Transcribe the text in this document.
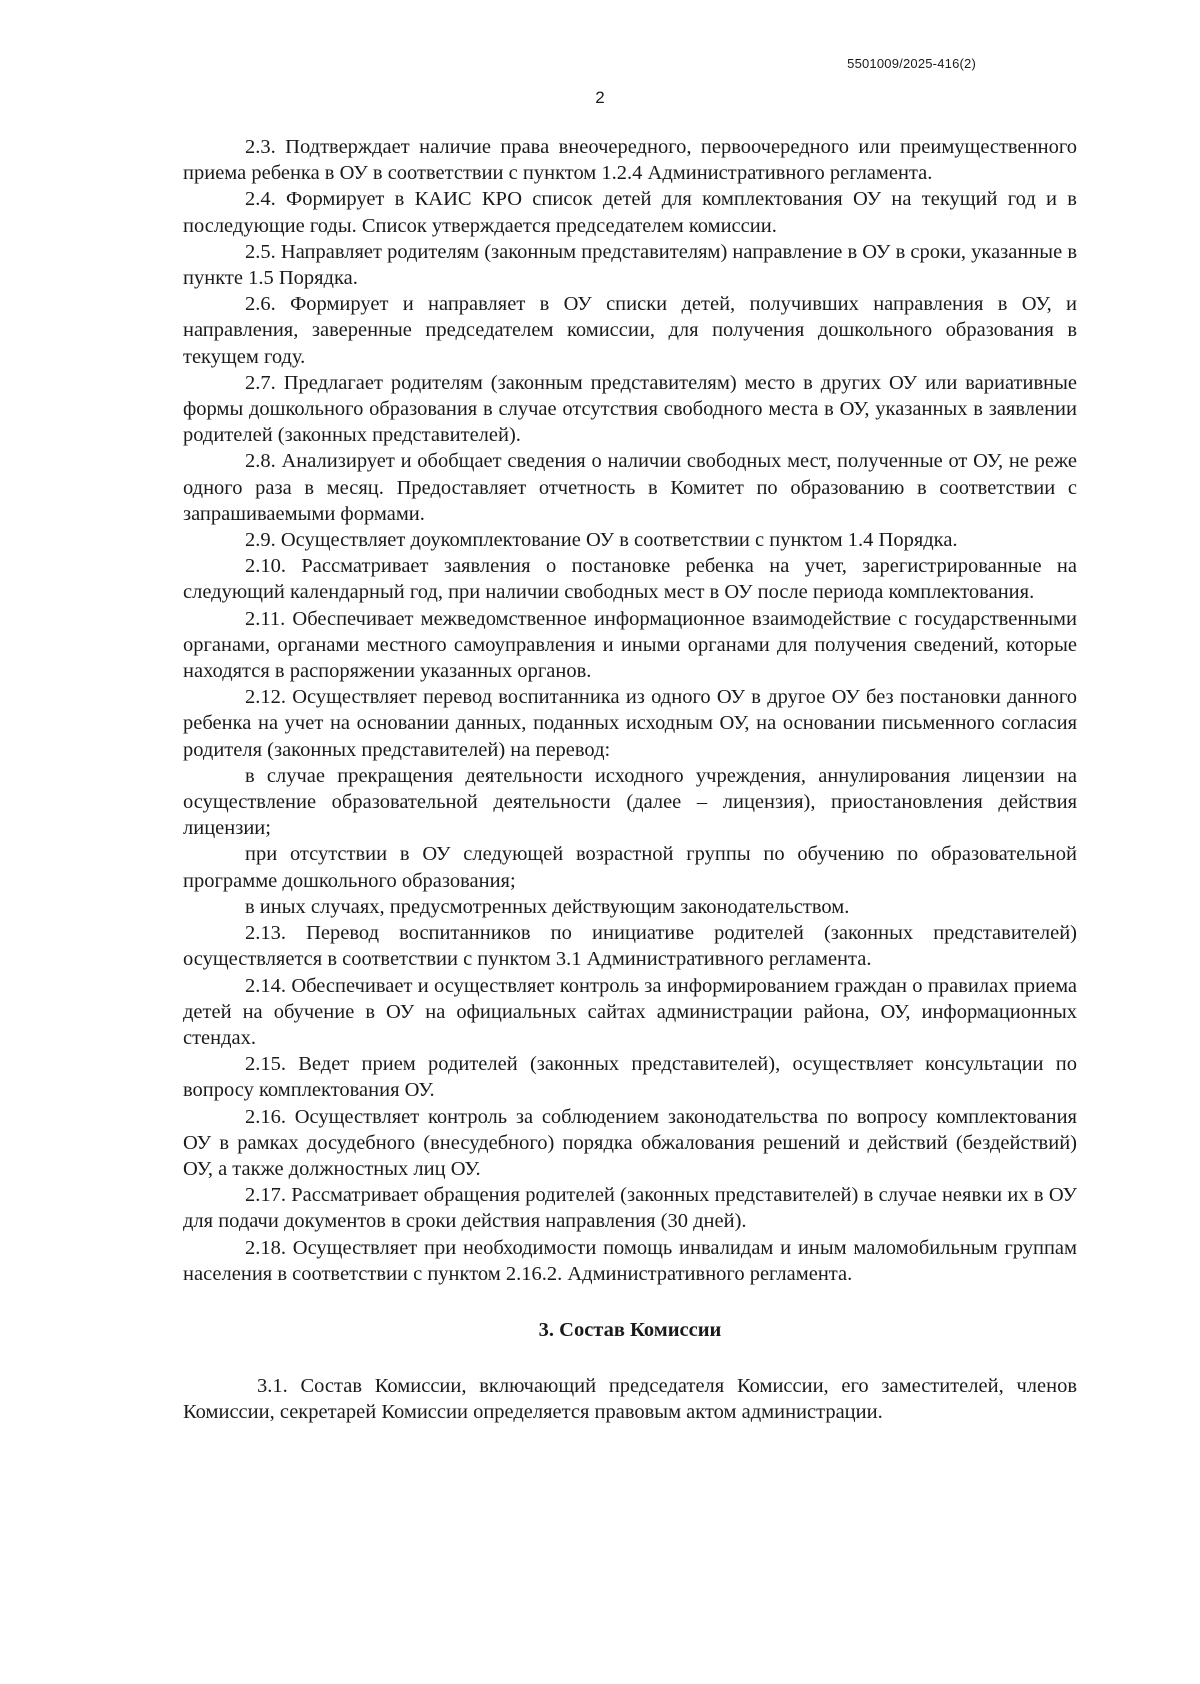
5501009/2025-416(2)
2

2.3. Подтверждает наличие права внеочередного, первоочередного или преимущественного приема ребенка в ОУ в соответствии с пунктом 1.2.4 Административного регламента.

2.4. Формирует в КАИС КРО список детей для комплектования ОУ на текущий год и в последующие годы. Список утверждается председателем комиссии.

2.5. Направляет родителям (законным представителям) направление в ОУ в сроки, указанные в пункте 1.5 Порядка.

2.6. Формирует и направляет в ОУ списки детей, получивших направления в ОУ, и направления, заверенные председателем комиссии, для получения дошкольного образования в текущем году.

2.7. Предлагает родителям (законным представителям) место в других ОУ или вариативные формы дошкольного образования в случае отсутствия свободного места в ОУ, указанных в заявлении родителей (законных представителей).

2.8. Анализирует и обобщает сведения о наличии свободных мест, полученные от ОУ, не реже одного раза в месяц. Предоставляет отчетность в Комитет по образованию в соответствии с запрашиваемыми формами.

2.9. Осуществляет доукомплектование ОУ в соответствии с пунктом 1.4 Порядка.

2.10. Рассматривает заявления о постановке ребенка на учет, зарегистрированные на следующий календарный год, при наличии свободных мест в ОУ после периода комплектования.

2.11. Обеспечивает межведомственное информационное взаимодействие с государственными органами, органами местного самоуправления и иными органами для получения сведений, которые находятся в распоряжении указанных органов.

2.12. Осуществляет перевод воспитанника из одного ОУ в другое ОУ без постановки данного ребенка на учет на основании данных, поданных исходным ОУ, на основании письменного согласия родителя (законных представителей) на перевод:

в случае прекращения деятельности исходного учреждения, аннулирования лицензии на осуществление образовательной деятельности (далее – лицензия), приостановления действия лицензии;

при отсутствии в ОУ следующей возрастной группы по обучению по образовательной программе дошкольного образования;

в иных случаях, предусмотренных действующим законодательством.

2.13. Перевод воспитанников по инициативе родителей (законных представителей) осуществляется в соответствии с пунктом 3.1 Административного регламента.

2.14. Обеспечивает и осуществляет контроль за информированием граждан о правилах приема детей на обучение в ОУ на официальных сайтах администрации района, ОУ, информационных стендах.

2.15. Ведет прием родителей (законных представителей), осуществляет консультации по вопросу комплектования ОУ.

2.16. Осуществляет контроль за соблюдением законодательства по вопросу комплектования ОУ в рамках досудебного (внесудебного) порядка обжалования решений и действий (бездействий) ОУ, а также должностных лиц ОУ.

2.17. Рассматривает обращения родителей (законных представителей) в случае неявки их в ОУ для подачи документов в сроки действия направления (30 дней).

2.18. Осуществляет при необходимости помощь инвалидам и иным маломобильным группам населения в соответствии с пунктом 2.16.2. Административного регламента.

3. Состав Комиссии

3.1. Состав Комиссии, включающий председателя Комиссии, его заместителей, членов Комиссии, секретарей Комиссии определяется правовым актом администрации.
